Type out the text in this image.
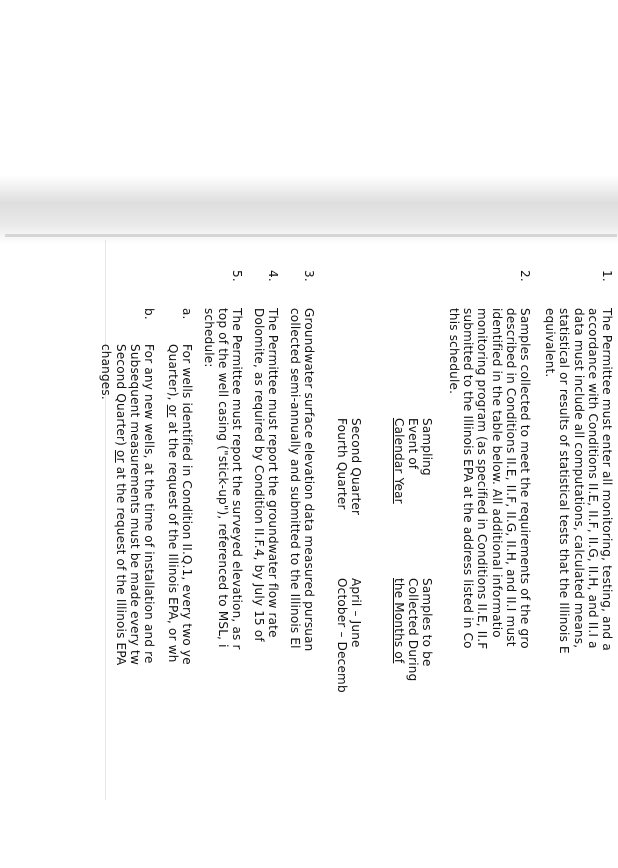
1.
The Permittee must enter all monitoring, testing, and a
accordance with Conditions II.E, II.F, II.G, II.H, and II.I a
data must include all computations, calculated means,
statistical or results of statistical tests that the Illinois E
equivalent.
2.
Samples collected to meet the requirements of the gro
described in Conditions II.E, II.F, II.G, II.H, and II.I must
identified in the table below. All additional informatio
monitoring program (as specified in Conditions II.E, II.F
submitted to the Illinois EPA at the address listed in Co
this schedule.
Sampling
Event of
Calendar Year
Second Quarter
Fourth Quarter
Samples to be
Collected During
the Months of
April – June
October – Decemb
3.
Groundwater surface elevation data measured pursuan
collected semi-annually and submitted to the Illinois El
4.
The Permittee must report the groundwater flow rate
Dolomite, as required by Condition II.F.4, by July 15 of
5.
The Permittee must report the surveyed elevation, as r
top of the well casing ("stick-up"), referenced to MSL, i
schedule:
a.
For wells identified in Condition II.Q.1, every two ye
Quarter), or at the request of the Illinois EPA, or wh
b.
For any new wells, at the time of installation and re
Subsequent measurements must be made every tw
Second Quarter) or at the request of the Illinois EPA
changes.
